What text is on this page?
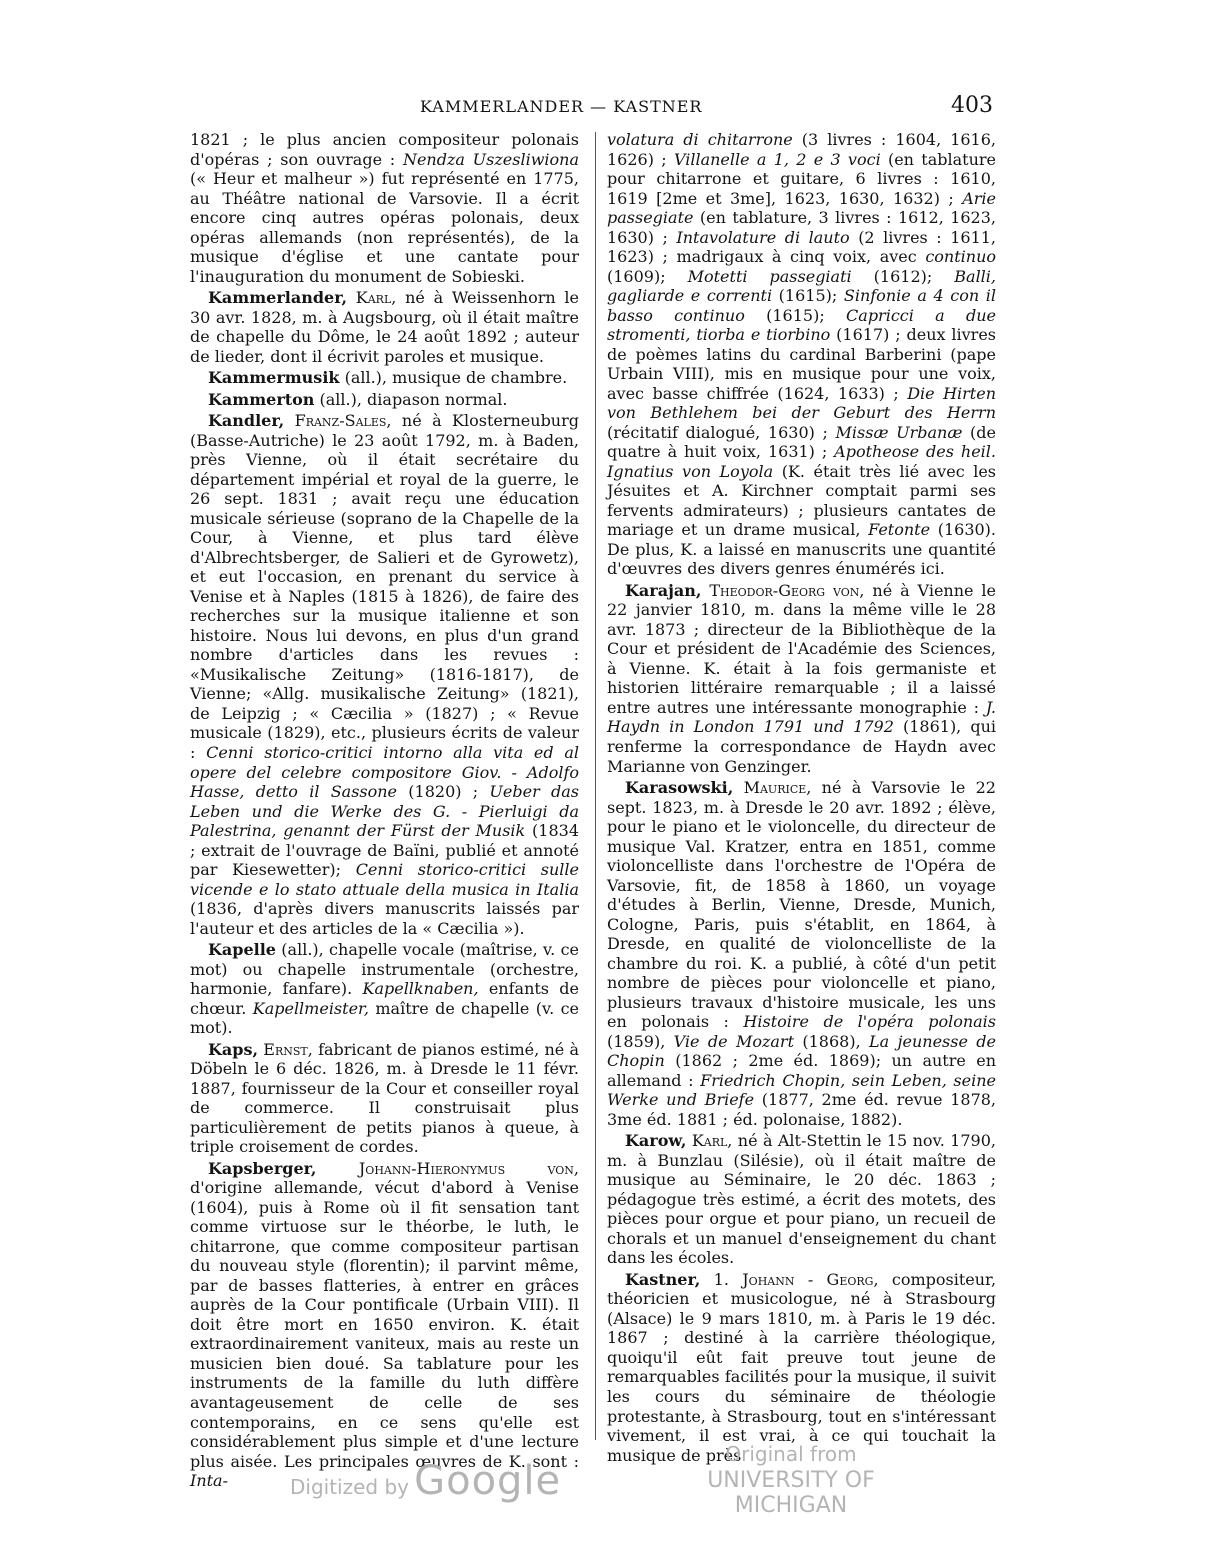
KAMMERLANDER — KASTNER	403

1821 ; le plus ancien compositeur polonais d'opéras ; son ouvrage : Nendza Uszesliwiona (« Heur et malheur ») fut représenté en 1775, au Théâtre national de Varsovie. Il a écrit encore cinq autres opéras polonais, deux opéras allemands (non représentés), de la musique d'église et une cantate pour l'inauguration du monument de Sobieski.

Kammerlander, Karl, né à Weissenhorn le 30 avr. 1828, m. à Augsbourg, où il était maître de chapelle du Dôme, le 24 août 1892 ; auteur de lieder, dont il écrivit paroles et musique.

Kammermusik (all.), musique de chambre.

Kammerton (all.), diapason normal.

Kandler, Franz-Sales, né à Klosterneuburg (Basse-Autriche) le 23 août 1792, m. à Baden, près Vienne, où il était secrétaire du département impérial et royal de la guerre, le 26 sept. 1831 ; avait reçu une éducation musicale sérieuse (soprano de la Chapelle de la Cour, à Vienne, et plus tard élève d'Albrechtsberger, de Salieri et de Gyrowetz), et eut l'occasion, en prenant du service à Venise et à Naples (1815 à 1826), de faire des recherches sur la musique italienne et son histoire. Nous lui devons, en plus d'un grand nombre d'articles dans les revues : «Musikalische Zeitung» (1816-1817), de Vienne; «Allg. musikalische Zeitung» (1821), de Leipzig ; « Cæcilia » (1827) ; « Revue musicale (1829), etc., plusieurs écrits de valeur : Cenni storico-critici intorno alla vita ed al opere del celebre compositore Giov. - Adolfo Hasse, detto il Sassone (1820) ; Ueber das Leben und die Werke des G. - Pierluigi da Palestrina, genannt der Fürst der Musik (1834 ; extrait de l'ouvrage de Baïni, publié et annoté par Kiesewetter); Cenni storico-critici sulle vicende e lo stato attuale della musica in Italia (1836, d'après divers manuscrits laissés par l'auteur et des articles de la « Cæcilia »).

Kapelle (all.), chapelle vocale (maîtrise, v. ce mot) ou chapelle instrumentale (orchestre, harmonie, fanfare). Kapellknaben, enfants de chœur. Kapellmeister, maître de chapelle (v. ce mot).

Kaps, Ernst, fabricant de pianos estimé, né à Döbeln le 6 déc. 1826, m. à Dresde le 11 févr. 1887, fournisseur de la Cour et conseiller royal de commerce. Il construisait plus particulièrement de petits pianos à queue, à triple croisement de cordes.

Kapsberger,	Johann-Hieronymus von, d'origine allemande, vécut d'abord à Venise (1604), puis à Rome où il fit sensation tant comme virtuose sur le théorbe, le luth, le chitarrone, que comme compositeur partisan du nouveau style (florentin); il parvint même, par de basses flatteries, à entrer en grâces auprès de la Cour pontificale (Urbain VIII). Il doit être mort en 1650 environ. K. était extraordinairement vaniteux, mais au reste un musicien bien doué. Sa tablature pour les instruments de la famille du luth diffère avantageusement de celle de ses contemporains, en ce sens qu'elle est considérablement plus simple et d'une lecture plus aisée. Les principales œuvres de K. sont : Inta-

volatura di chitarrone (3 livres : 1604, 1616, 1626) ; Villanelle a 1, 2 e 3 voci (en tablature pour chitarrone et guitare, 6 livres : 1610, 1619 [2me et 3me], 1623, 1630, 1632) ; Arie passegiate (en tablature, 3 livres : 1612, 1623, 1630) ; Intavolature di lauto (2 livres : 1611, 1623) ; madrigaux à cinq voix, avec continuo (1609); Motetti passegiati (1612); Balli, gagliarde e correnti (1615); Sinfonie a 4 con il basso continuo (1615); Capricci a due stromenti, tiorba e tiorbino (1617) ; deux livres de poèmes latins du cardinal Barberini (pape Urbain VIII), mis en musique pour une voix, avec basse chiffrée (1624, 1633) ; Die Hirten von Bethlehem bei der Geburt des Herrn (récitatif dialogué, 1630) ; Missæ Urbanæ (de quatre à huit voix, 1631) ; Apotheose des heil. Ignatius von Loyola (K. était très lié avec les Jésuites et A. Kirchner comptait parmi ses fervents admirateurs) ; plusieurs cantates de mariage et un drame musical, Fetonte (1630). De plus, K. a laissé en manuscrits une quantité d'œuvres des divers genres énumérés ici.

Karajan, Theodor-Georg von, né à Vienne le 22 janvier 1810, m. dans la même ville le 28 avr. 1873 ; directeur de la Bibliothèque de la Cour et président de l'Académie des Sciences, à Vienne. K. était à la fois germaniste et historien littéraire remarquable ; il a laissé entre autres une intéressante monographie : J. Haydn in London 1791 und 1792 (1861), qui renferme la correspondance de Haydn avec Marianne von Genzinger.

Karasowski, Maurice, né à Varsovie le 22 sept. 1823, m. à Dresde le 20 avr. 1892 ; élève, pour le piano et le violoncelle, du directeur de musique Val. Kratzer, entra en 1851, comme violoncelliste dans l'orchestre de l'Opéra de Varsovie, fit, de 1858 à 1860, un voyage d'études à Berlin, Vienne, Dresde, Munich, Cologne, Paris, puis s'établit, en 1864, à Dresde, en qualité de violoncelliste de la chambre du roi. K. a publié, à côté d'un petit nombre de pièces pour violoncelle et piano, plusieurs travaux d'histoire musicale, les uns en polonais : Histoire de l'opéra polonais (1859), Vie de Mozart (1868), La jeunesse de Chopin (1862 ; 2me éd. 1869); un autre en allemand : Friedrich Chopin, sein Leben, seine Werke und Briefe (1877, 2me éd. revue 1878, 3me éd. 1881 ; éd. polonaise, 1882).

Karow, Karl, né à Alt-Stettin le 15 nov. 1790, m. à Bunzlau (Silésie), où il était maître de musique au Séminaire, le 20 déc. 1863 ; pédagogue très estimé, a écrit des motets, des pièces pour orgue et pour piano, un recueil de chorals et un manuel d'enseignement du chant dans les écoles.

Kastner, 1. Johann - Georg, compositeur, théoricien et musicologue, né à Strasbourg (Alsace) le 9 mars 1810, m. à Paris le 19 déc. 1867 ; destiné à la carrière théologique, quoiqu'il eût fait preuve tout jeune de remarquables facilités pour la musique, il suivit les cours du séminaire de théologie protestante, à Strasbourg, tout en s'intéressant vivement, il est vrai, à ce qui touchait la musique de près

Digitized by Google
Original from
UNIVERSITY OF MICHIGAN
